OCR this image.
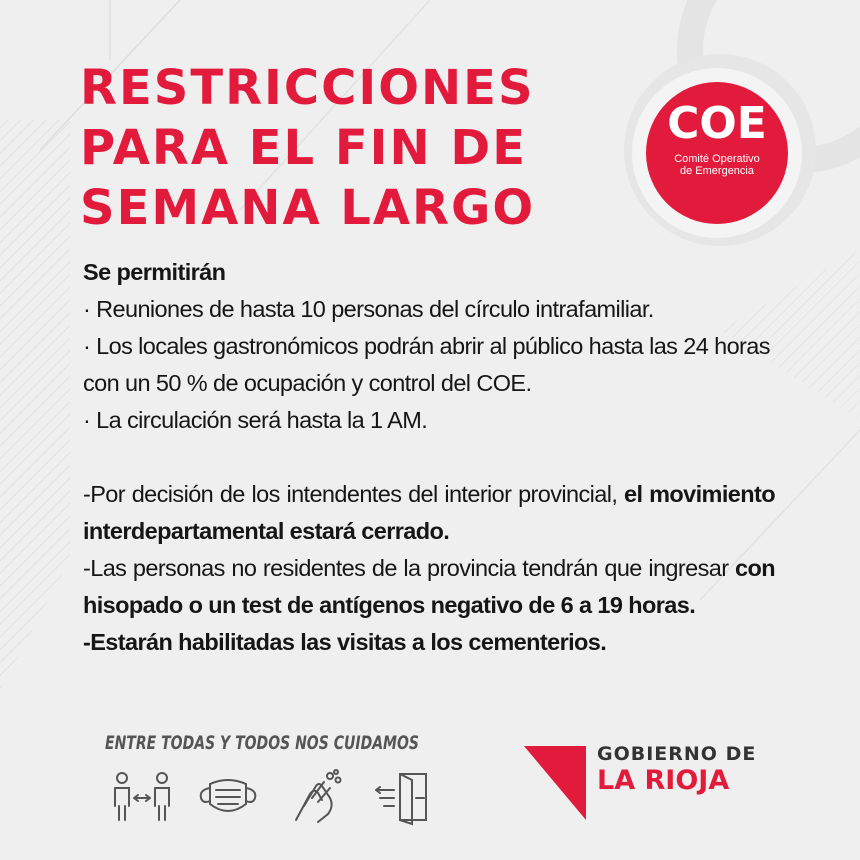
RESTRICCIONES
PARA EL FIN DE
SEMANA LARGO
COE
Comité Operativo
de Emergencia

Se permitirán

· Reuniones de hasta 10 personas del círculo intrafamiliar.

· Los locales gastronómicos podrán abrir al público hasta las 24 horas con un 50 % de ocupación y control del COE.

· La circulación será hasta la 1 AM.

-Por decisión de los intendentes del interior provincial, el movimiento interdepartamental estará cerrado.

-Las personas no residentes de la provincia tendrán que ingresar con hisopado o un test de antígenos negativo de 6 a 19 horas.

-Estarán habilitadas las visitas a los cementerios.

ENTRE TODAS Y TODOS NOS CUIDAMOS	GOBIERNO DE
LA RIOJA
